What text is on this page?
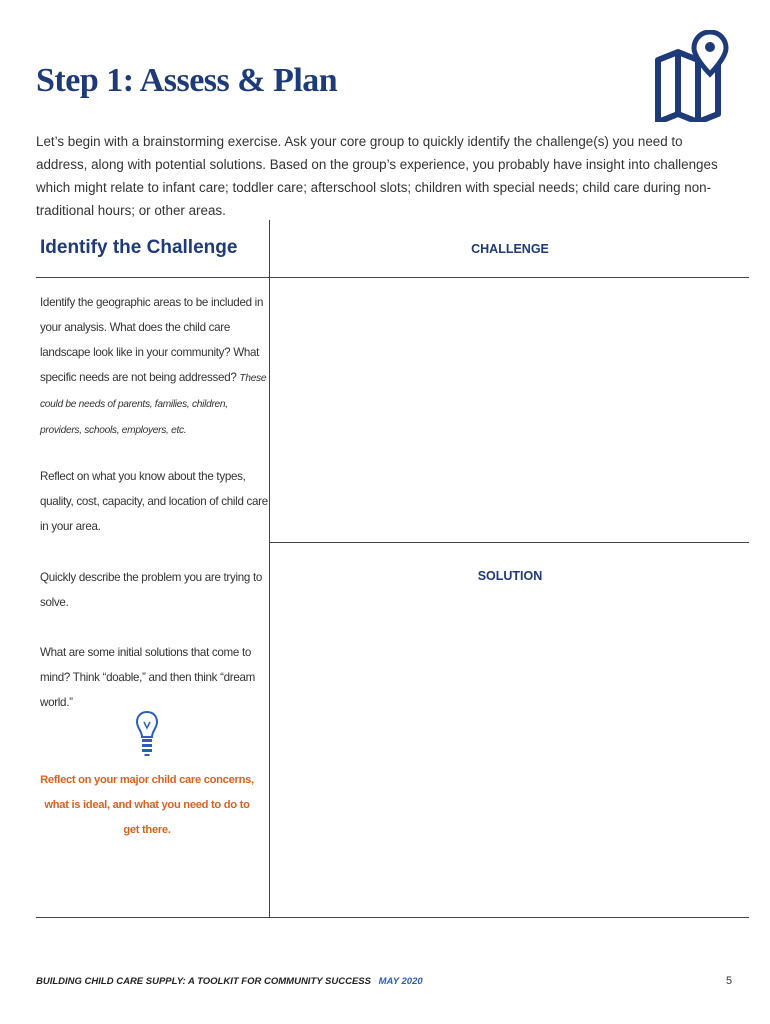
Step 1: Assess & Plan

Let’s begin with a brainstorming exercise. Ask your core group to quickly identify the challenge(s) you need to address, along with potential solutions. Based on the group’s experience, you probably have insight into challenges which might relate to infant care; toddler care; afterschool slots; children with special needs; child care during non-traditional hours; or other areas.

Identify the Challenge	CHALLENGE
SOLUTION

Identify the geographic areas to be included in your analysis. What does the child care landscape look like in your community? What specific needs are not being addressed? These could be needs of parents, families, children, providers, schools, employers, etc.

Reflect on what you know about the types, quality, cost, capacity, and location of child care in your area.

Quickly describe the problem you are trying to solve.

What are some initial solutions that come to mind? Think “doable,” and then think “dream world.”

Reflect on your major child care concerns, what is ideal, and what you need to do to get there.

BUILDING CHILD CARE SUPPLY: A TOOLKIT FOR COMMUNITY SUCCESS MAY 2020	5
